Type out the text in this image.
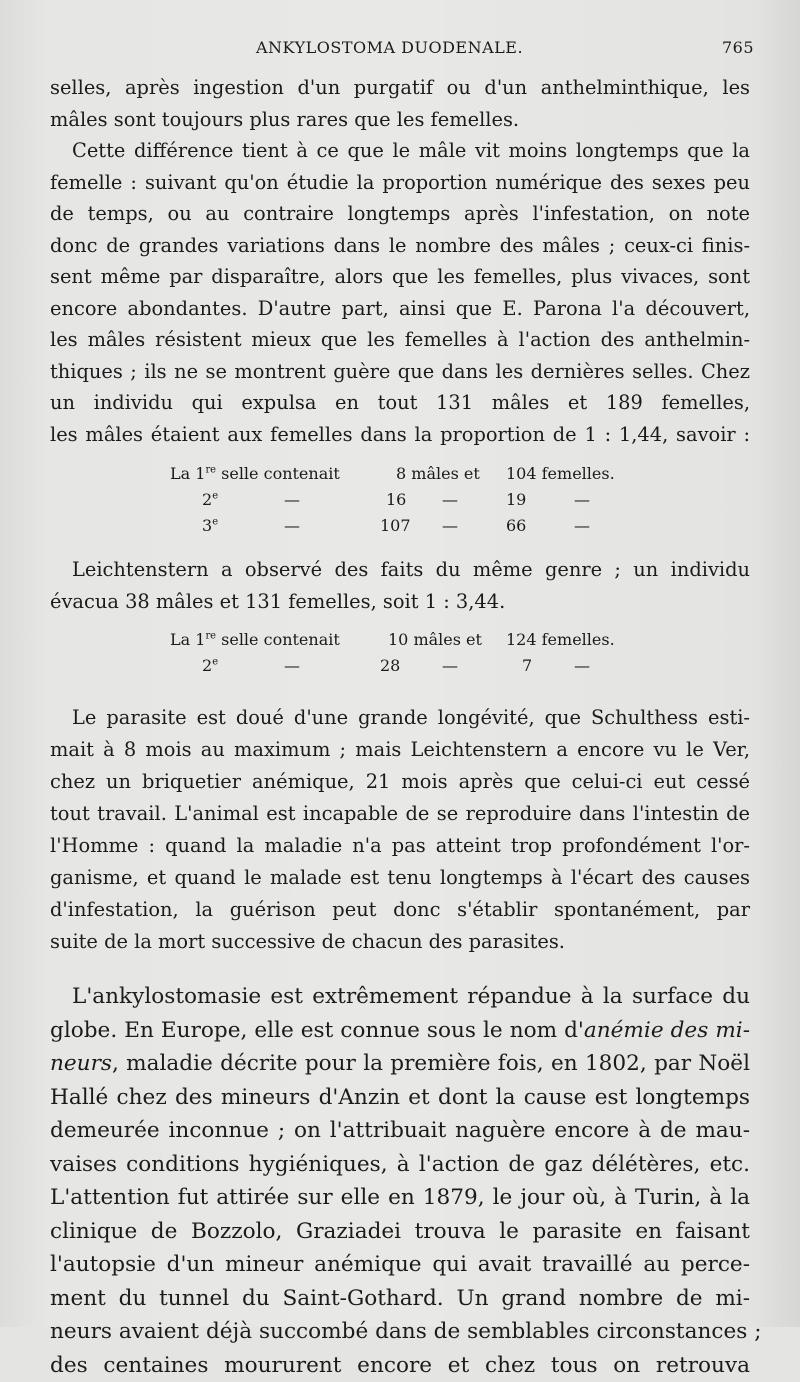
ANKYLOSTOMA DUODENALE.	765
selles, après ingestion d'un purgatif ou d'un anthelminthique, les
mâles sont toujours plus rares que les femelles.
Cette différence tient à ce que le mâle vit moins longtemps que la
femelle : suivant qu'on étudie la proportion numérique des sexes peu
de temps, ou au contraire longtemps après l'infestation, on note
donc de grandes variations dans le nombre des mâles ; ceux-ci finis-
sent même par disparaître, alors que les femelles, plus vivaces, sont
encore abondantes. D'autre part, ainsi que E. Parona l'a découvert,
les mâles résistent mieux que les femelles à l'action des anthelmin-
thiques ; ils ne se montrent guère que dans les dernières selles. Chez
un individu qui expulsa en tout 131 mâles et 189 femelles,
les mâles étaient aux femelles dans la proportion de 1 : 1,44, savoir :
La 1re selle contenait	8 mâles et 104 femelles.
2e	—	16 —	19	—
3e	—	107 —	66	—
Leichtenstern a observé des faits du même genre ; un individu
évacua 38 mâles et 131 femelles, soit 1 : 3,44.
La 1re selle contenait	10 mâles et 124 femelles.
2e	—	28	—	7	—
Le parasite est doué d'une grande longévité, que Schulthess esti-
mait à 8 mois au maximum ; mais Leichtenstern a encore vu le Ver,
chez un briquetier anémique, 21 mois après que celui-ci eut cessé
tout travail. L'animal est incapable de se reproduire dans l'intestin de
l'Homme : quand la maladie n'a pas atteint trop profondément l'or-
ganisme, et quand le malade est tenu longtemps à l'écart des causes
d'infestation, la guérison peut donc s'établir spontanément, par
suite de la mort successive de chacun des parasites.
L'ankylostomasie est extrêmement répandue à la surface du
globe. En Europe, elle est connue sous le nom d'anémie des mi-
neurs, maladie décrite pour la première fois, en 1802, par Noël
Hallé chez des mineurs d'Anzin et dont la cause est longtemps
demeurée inconnue ; on l'attribuait naguère encore à de mau-
vaises conditions hygiéniques, à l'action de gaz délétères, etc.
L'attention fut attirée sur elle en 1879, le jour où, à Turin, à la
clinique de Bozzolo, Graziadei trouva le parasite en faisant
l'autopsie d'un mineur anémique qui avait travaillé au perce-
ment du tunnel du Saint-Gothard. Un grand nombre de mi-
neurs avaient déjà succombé dans de semblables circonstances ;
des centaines moururent encore et chez tous on retrouva
